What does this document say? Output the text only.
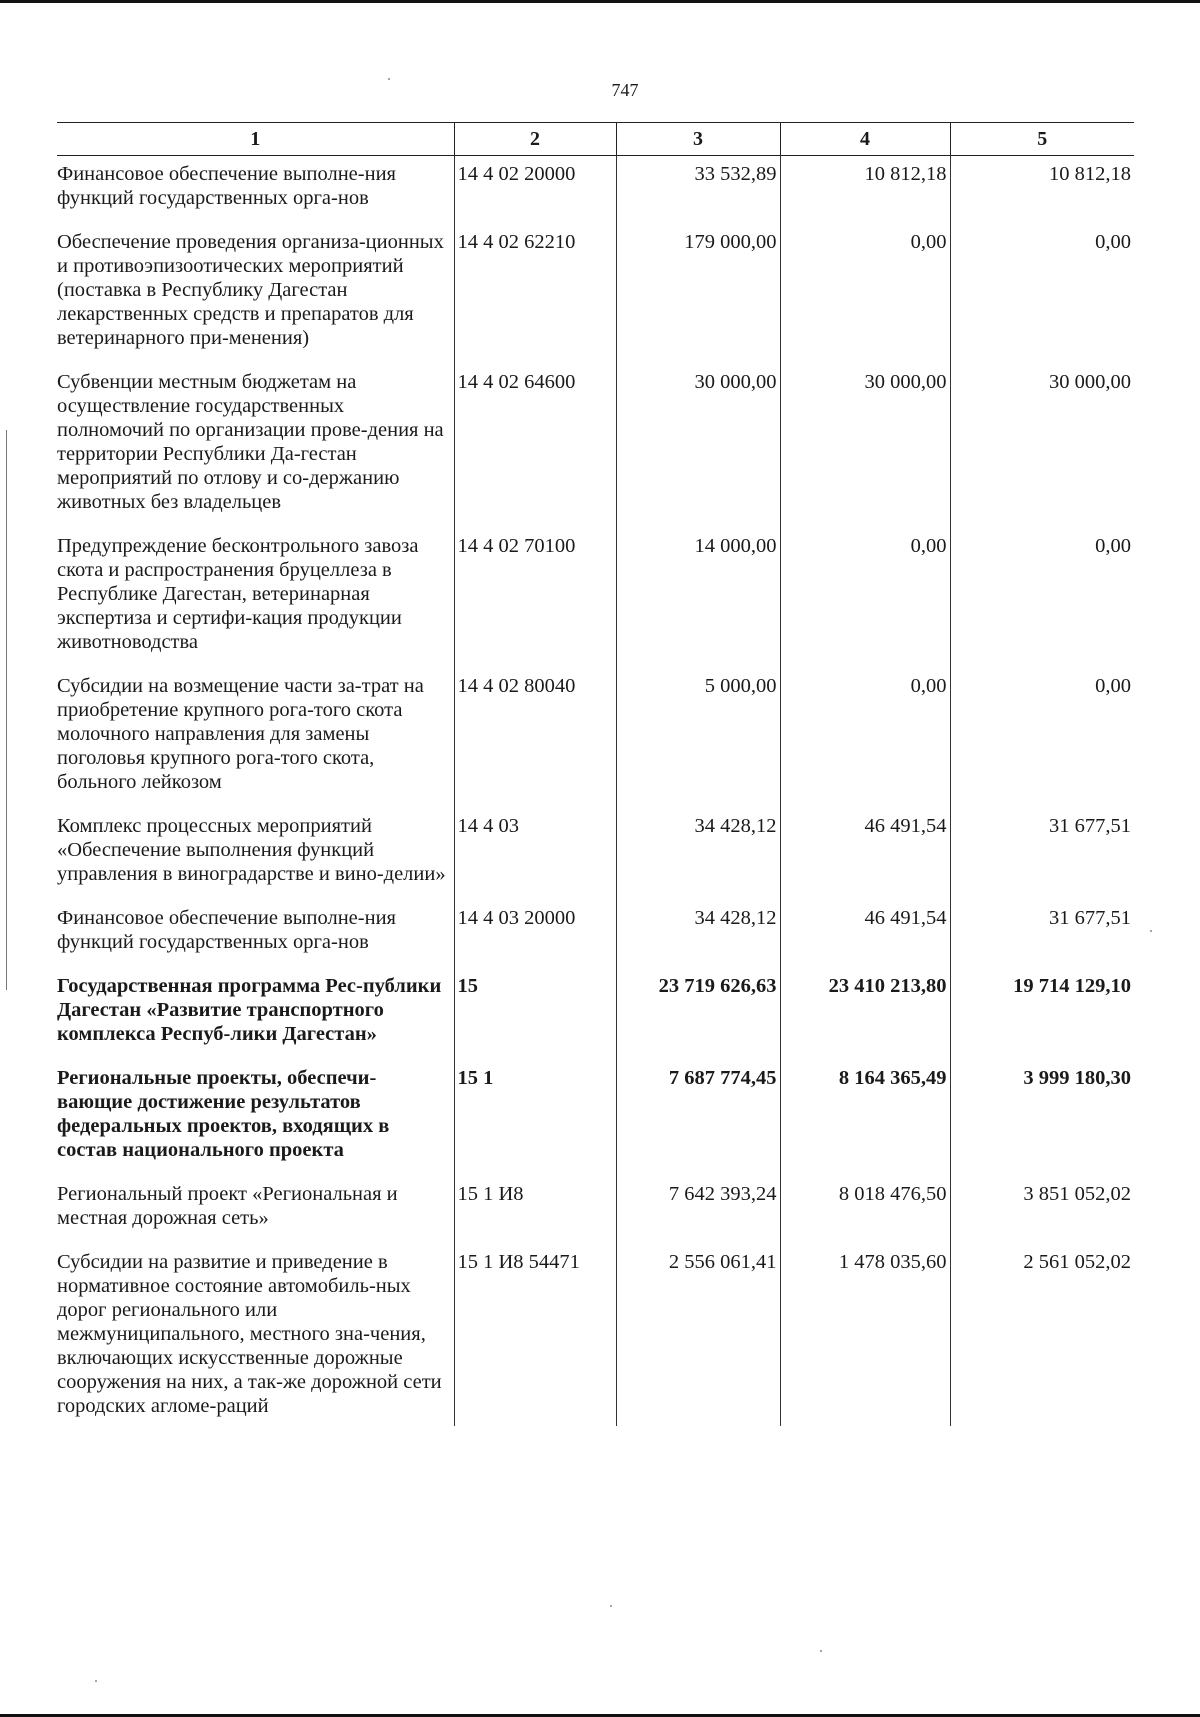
747
1	2	3	4	5
Финансовое обеспечение выполне-ния функций государственных орга-нов	14 4 02 20000	33 532,89	10 812,18	10 812,18
Обеспечение проведения организа-ционных и противоэпизоотических мероприятий (поставка в Республику Дагестан лекарственных средств и препаратов для ветеринарного при-менения)	14 4 02 62210	179 000,00	0,00	0,00
Субвенции местным бюджетам на осуществление государственных полномочий по организации прове-дения на территории Республики Да-гестан мероприятий по отлову и со-держанию животных без владельцев	14 4 02 64600	30 000,00	30 000,00	30 000,00
Предупреждение бесконтрольного завоза скота и распространения бруцеллеза в Республике Дагестан, ветеринарная экспертиза и сертифи-кация продукции животноводства	14 4 02 70100	14 000,00	0,00	0,00
Субсидии на возмещение части за-трат на приобретение крупного рога-того скота молочного направления для замены поголовья крупного рога-того скота, больного лейкозом	14 4 02 80040	5 000,00	0,00	0,00
Комплекс процессных мероприятий «Обеспечение выполнения функций управления в виноградарстве и вино-делии»	14 4 03	34 428,12	46 491,54	31 677,51
Финансовое обеспечение выполне-ния функций государственных орга-нов	14 4 03 20000	34 428,12	46 491,54	31 677,51
Государственная программа Рес-публики Дагестан «Развитие транспортного комплекса Респуб-лики Дагестан»	15	23 719 626,63	23 410 213,80	19 714 129,10
Региональные проекты, обеспечи-вающие достижение результатов федеральных проектов, входящих в состав национального проекта	15 1	7 687 774,45	8 164 365,49	3 999 180,30
Региональный проект «Региональная и местная дорожная сеть»	15 1 И8	7 642 393,24	8 018 476,50	3 851 052,02
Субсидии на развитие и приведение в нормативное состояние автомобиль-ных дорог регионального или межмуниципального, местного зна-чения, включающих искусственные дорожные сооружения на них, а так-же дорожной сети городских агломе-раций	15 1 И8 54471	2 556 061,41	1 478 035,60	2 561 052,02
